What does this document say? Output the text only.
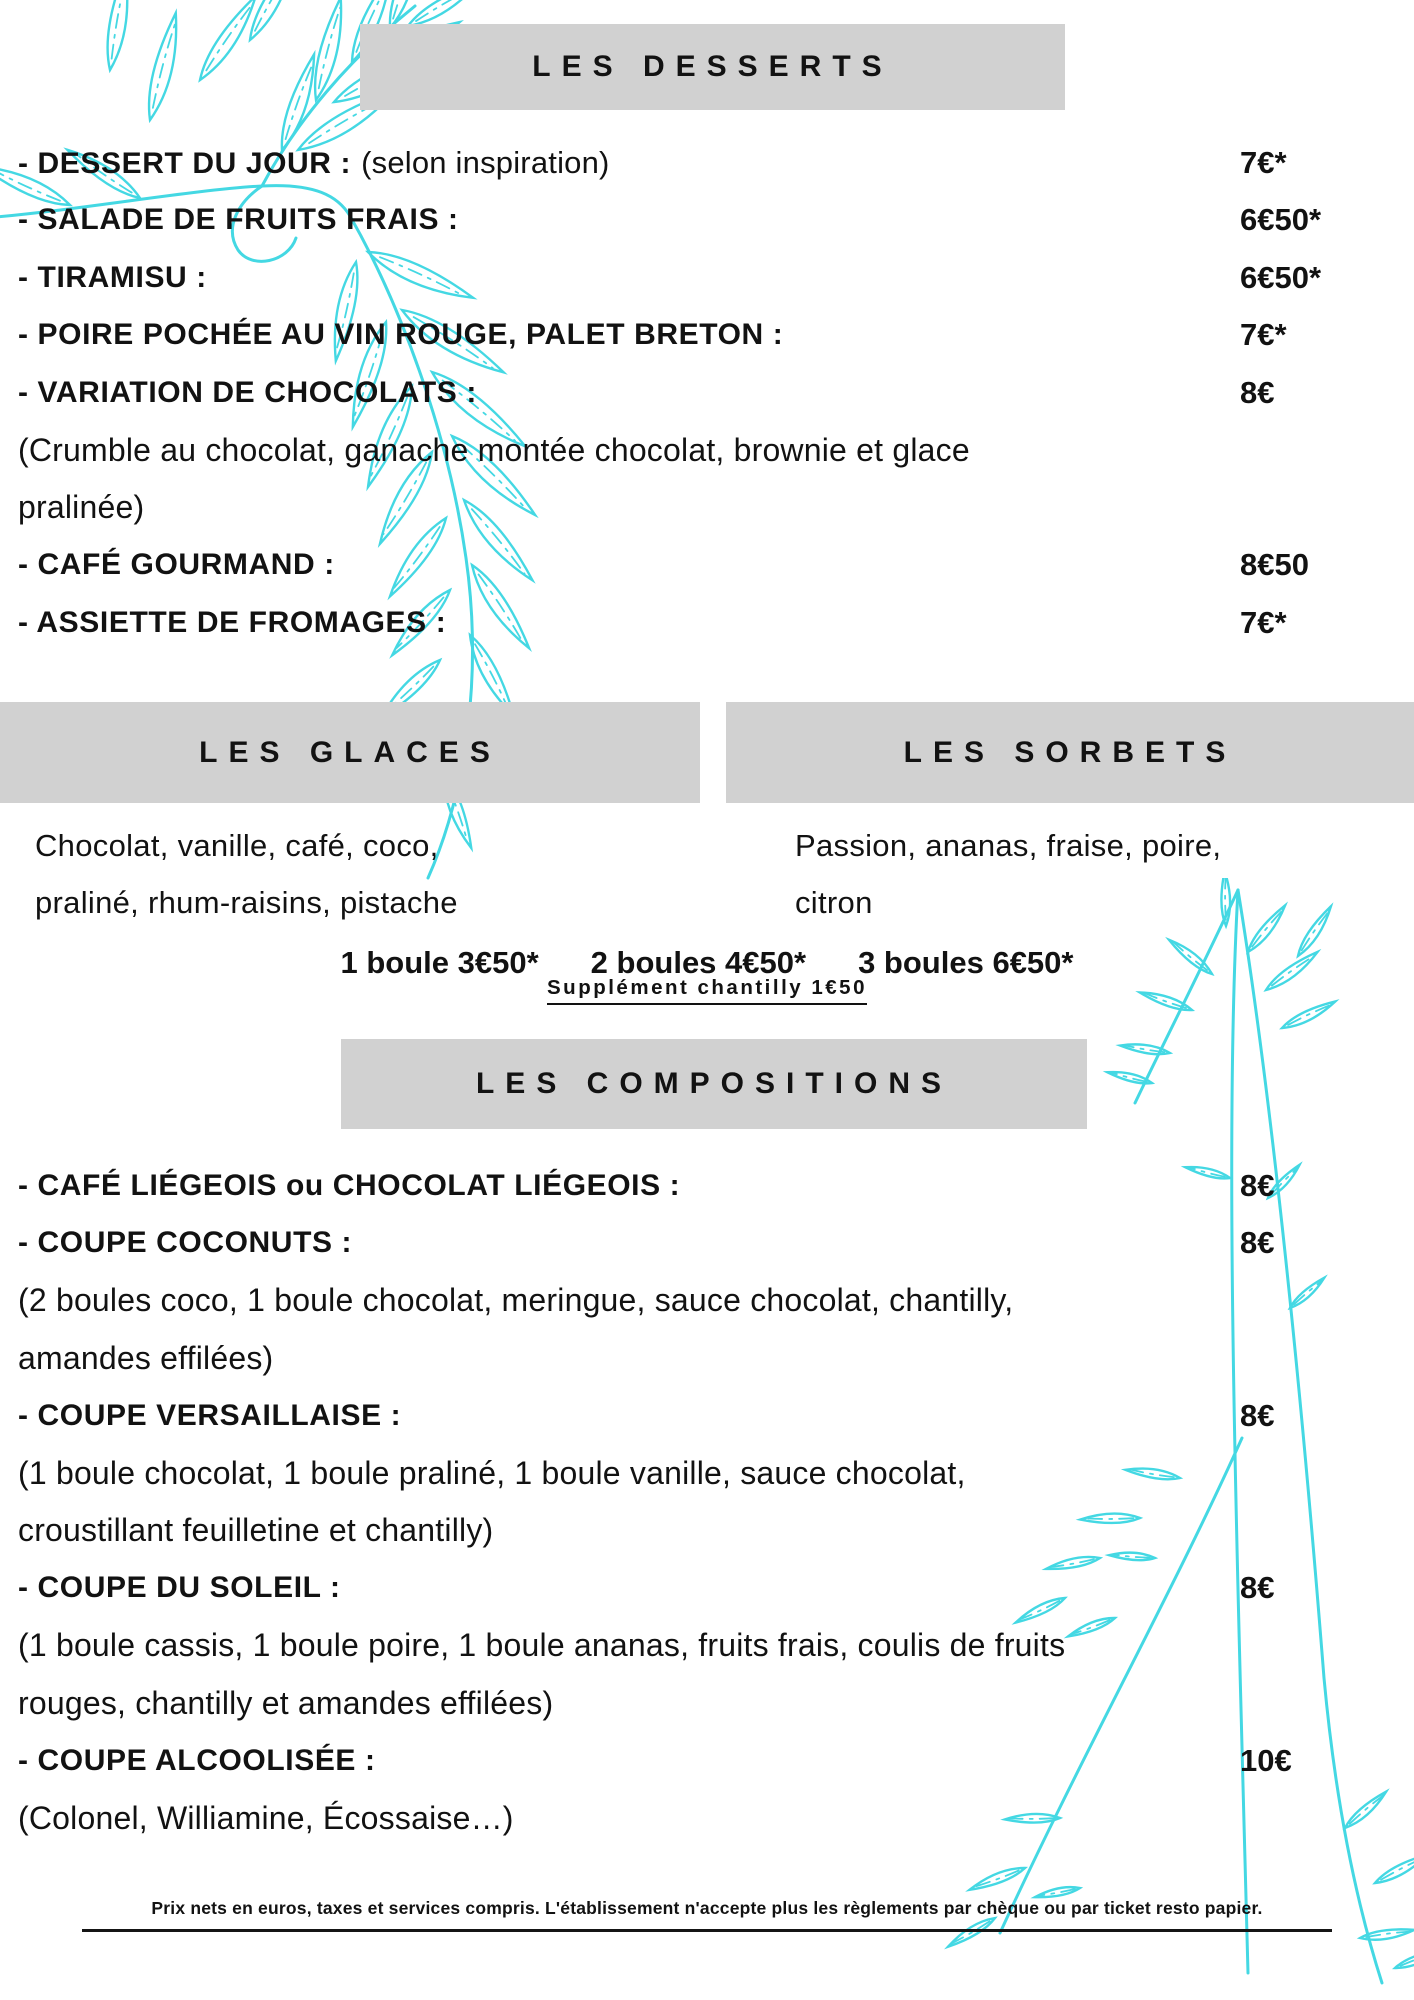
LES DESSERTS
- DESSERT DU JOUR : (selon inspiration)	7€*
- SALADE DE FRUITS FRAIS :	6€50*
- TIRAMISU :	6€50*
- POIRE POCHÉE AU VIN ROUGE, PALET BRETON :	7€*
- VARIATION DE CHOCOLATS :	8€
(Crumble au chocolat, ganache montée chocolat, brownie et glace
pralinée)
- CAFÉ GOURMAND :	8€50
- ASSIETTE DE FROMAGES :	7€*
LES GLACES	LES SORBETS
Chocolat, vanille, café, coco,
praliné, rhum-raisins, pistache
Passion, ananas, fraise, poire,
citron
1 boule 3€50* 2 boules 4€50* 3 boules 6€50*
Supplément chantilly 1€50
LES COMPOSITIONS
- CAFÉ LIÉGEOIS ou CHOCOLAT LIÉGEOIS :	8€
- COUPE COCONUTS :	8€
(2 boules coco, 1 boule chocolat, meringue, sauce chocolat, chantilly,
amandes effilées)
- COUPE VERSAILLAISE :	8€
(1 boule chocolat, 1 boule praliné, 1 boule vanille, sauce chocolat,
croustillant feuilletine et chantilly)
- COUPE DU SOLEIL :	8€
(1 boule cassis, 1 boule poire, 1 boule ananas, fruits frais, coulis de fruits
rouges, chantilly et amandes effilées)
- COUPE ALCOOLISÉE :	10€
(Colonel, Williamine, Écossaise…)
Prix nets en euros, taxes et services compris. L'établissement n'accepte plus les règlements par chèque ou par ticket resto papier.
